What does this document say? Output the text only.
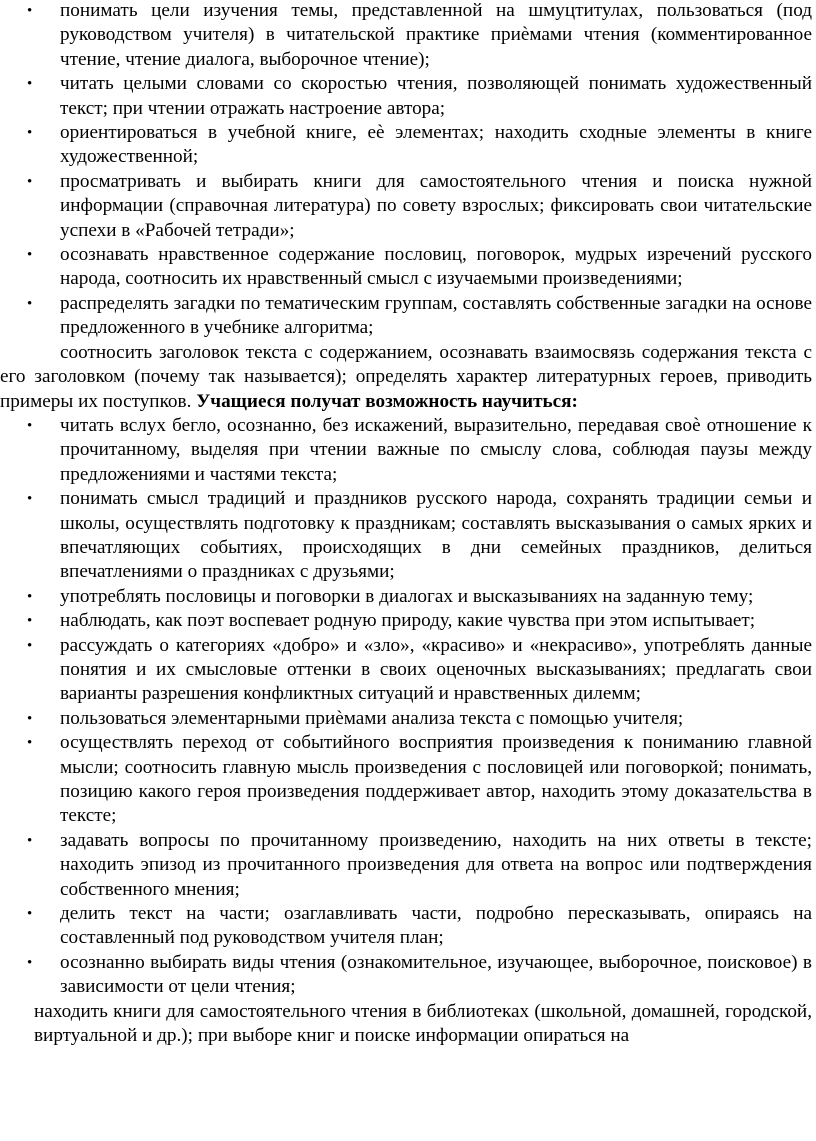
• понимать цели изучения темы, представленной на шмуцтитулах, пользоваться (под руководством учителя) в читательской практике приѐмами чтения (комментированное чтение, чтение диалога, выборочное чтение);
• читать целыми словами со скоростью чтения, позволяющей понимать художественный текст; при чтении отражать настроение автора;
• ориентироваться в учебной книге, еѐ элементах; находить сходные элементы в книге художественной;
• просматривать и выбирать книги для самостоятельного чтения и поиска нужной информации (справочная литература) по совету взрослых; фиксировать свои читательские успехи в «Рабочей тетради»;
• осознавать нравственное содержание пословиц, поговорок, мудрых изречений русского народа, соотносить их нравственный смысл с изучаемыми произведениями;
• распределять загадки по тематическим группам, составлять собственные загадки на основе предложенного в учебнике алгоритма;

соотносить заголовок текста с содержанием, осознавать взаимосвязь содержания текста с его заголовком (почему так называется); определять характер литературных героев, приводить примеры их поступков. Учащиеся получат возможность научиться:

• читать вслух бегло, осознанно, без искажений, выразительно, передавая своѐ отношение к прочитанному, выделяя при чтении важные по смыслу слова, соблюдая паузы между предложениями и частями текста;
• понимать смысл традиций и праздников русского народа, сохранять традиции семьи и школы, осуществлять подготовку к праздникам; составлять высказывания о самых ярких и впечатляющих событиях, происходящих в дни семейных праздников, делиться впечатлениями о праздниках с друзьями;
• употреблять пословицы и поговорки в диалогах и высказываниях на заданную тему;
• наблюдать, как поэт воспевает родную природу, какие чувства при этом испытывает;
• рассуждать о категориях «добро» и «зло», «красиво» и «некрасиво», употреблять данные понятия и их смысловые оттенки в своих оценочных высказываниях; предлагать свои варианты разрешения конфликтных ситуаций и нравственных дилемм;
• пользоваться элементарными приѐмами анализа текста с помощью учителя;
• осуществлять переход от событийного восприятия произведения к пониманию главной мысли; соотносить главную мысль произведения с пословицей или поговоркой; понимать, позицию какого героя произведения поддерживает автор, находить этому доказательства в тексте;
• задавать вопросы по прочитанному произведению, находить на них ответы в тексте; находить эпизод из прочитанного произведения для ответа на вопрос или подтверждения собственного мнения;
• делить текст на части; озаглавливать части, подробно пересказывать, опираясь на составленный под руководством учителя план;
• осознанно выбирать виды чтения (ознакомительное, изучающее, выборочное, поисковое) в зависимости от цели чтения;

находить книги для самостоятельного чтения в библиотеках (школьной, домашней, городской, виртуальной и др.); при выборе книг и поиске информации опираться на
